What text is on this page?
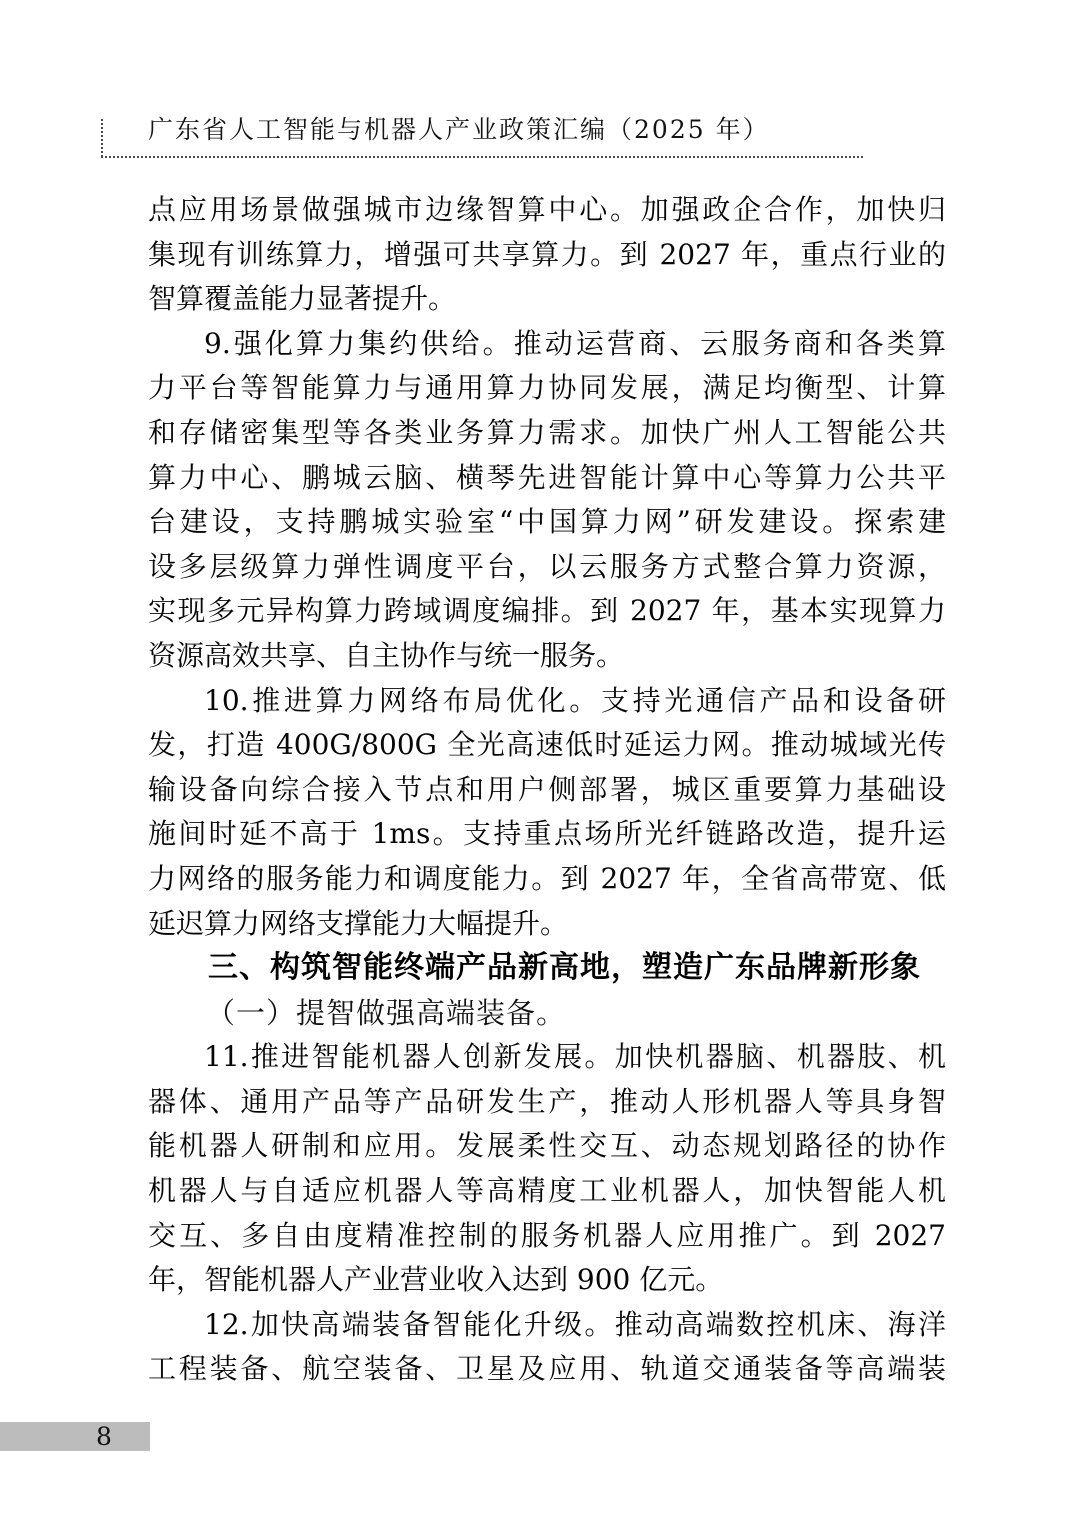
广东省人工智能与机器人产业政策汇编（2025 年）
点应用场景做强城市边缘智算中心。加强政企合作，加快归
集现有训练算力，增强可共享算力。到 2027 年，重点行业的
智算覆盖能力显著提升。
9.强化算力集约供给。推动运营商、云服务商和各类算
力平台等智能算力与通用算力协同发展，满足均衡型、计算
和存储密集型等各类业务算力需求。加快广州人工智能公共
算力中心、鹏城云脑、横琴先进智能计算中心等算力公共平
台建设，支持鹏城实验室“中国算力网”研发建设。探索建
设多层级算力弹性调度平台，以云服务方式整合算力资源，
实现多元异构算力跨域调度编排。到 2027 年，基本实现算力
资源高效共享、自主协作与统一服务。
10.推进算力网络布局优化。支持光通信产品和设备研
发，打造 400G/800G 全光高速低时延运力网。推动城域光传
输设备向综合接入节点和用户侧部署，城区重要算力基础设
施间时延不高于 1ms。支持重点场所光纤链路改造，提升运
力网络的服务能力和调度能力。到 2027 年，全省高带宽、低
延迟算力网络支撑能力大幅提升。
三、构筑智能终端产品新高地，塑造广东品牌新形象
（一）提智做强高端装备。
11.推进智能机器人创新发展。加快机器脑、机器肢、机
器体、通用产品等产品研发生产，推动人形机器人等具身智
能机器人研制和应用。发展柔性交互、动态规划路径的协作
机器人与自适应机器人等高精度工业机器人，加快智能人机
交互、多自由度精准控制的服务机器人应用推广。到 2027
年，智能机器人产业营业收入达到 900 亿元。
12.加快高端装备智能化升级。推动高端数控机床、海洋
工程装备、航空装备、卫星及应用、轨道交通装备等高端装
8
